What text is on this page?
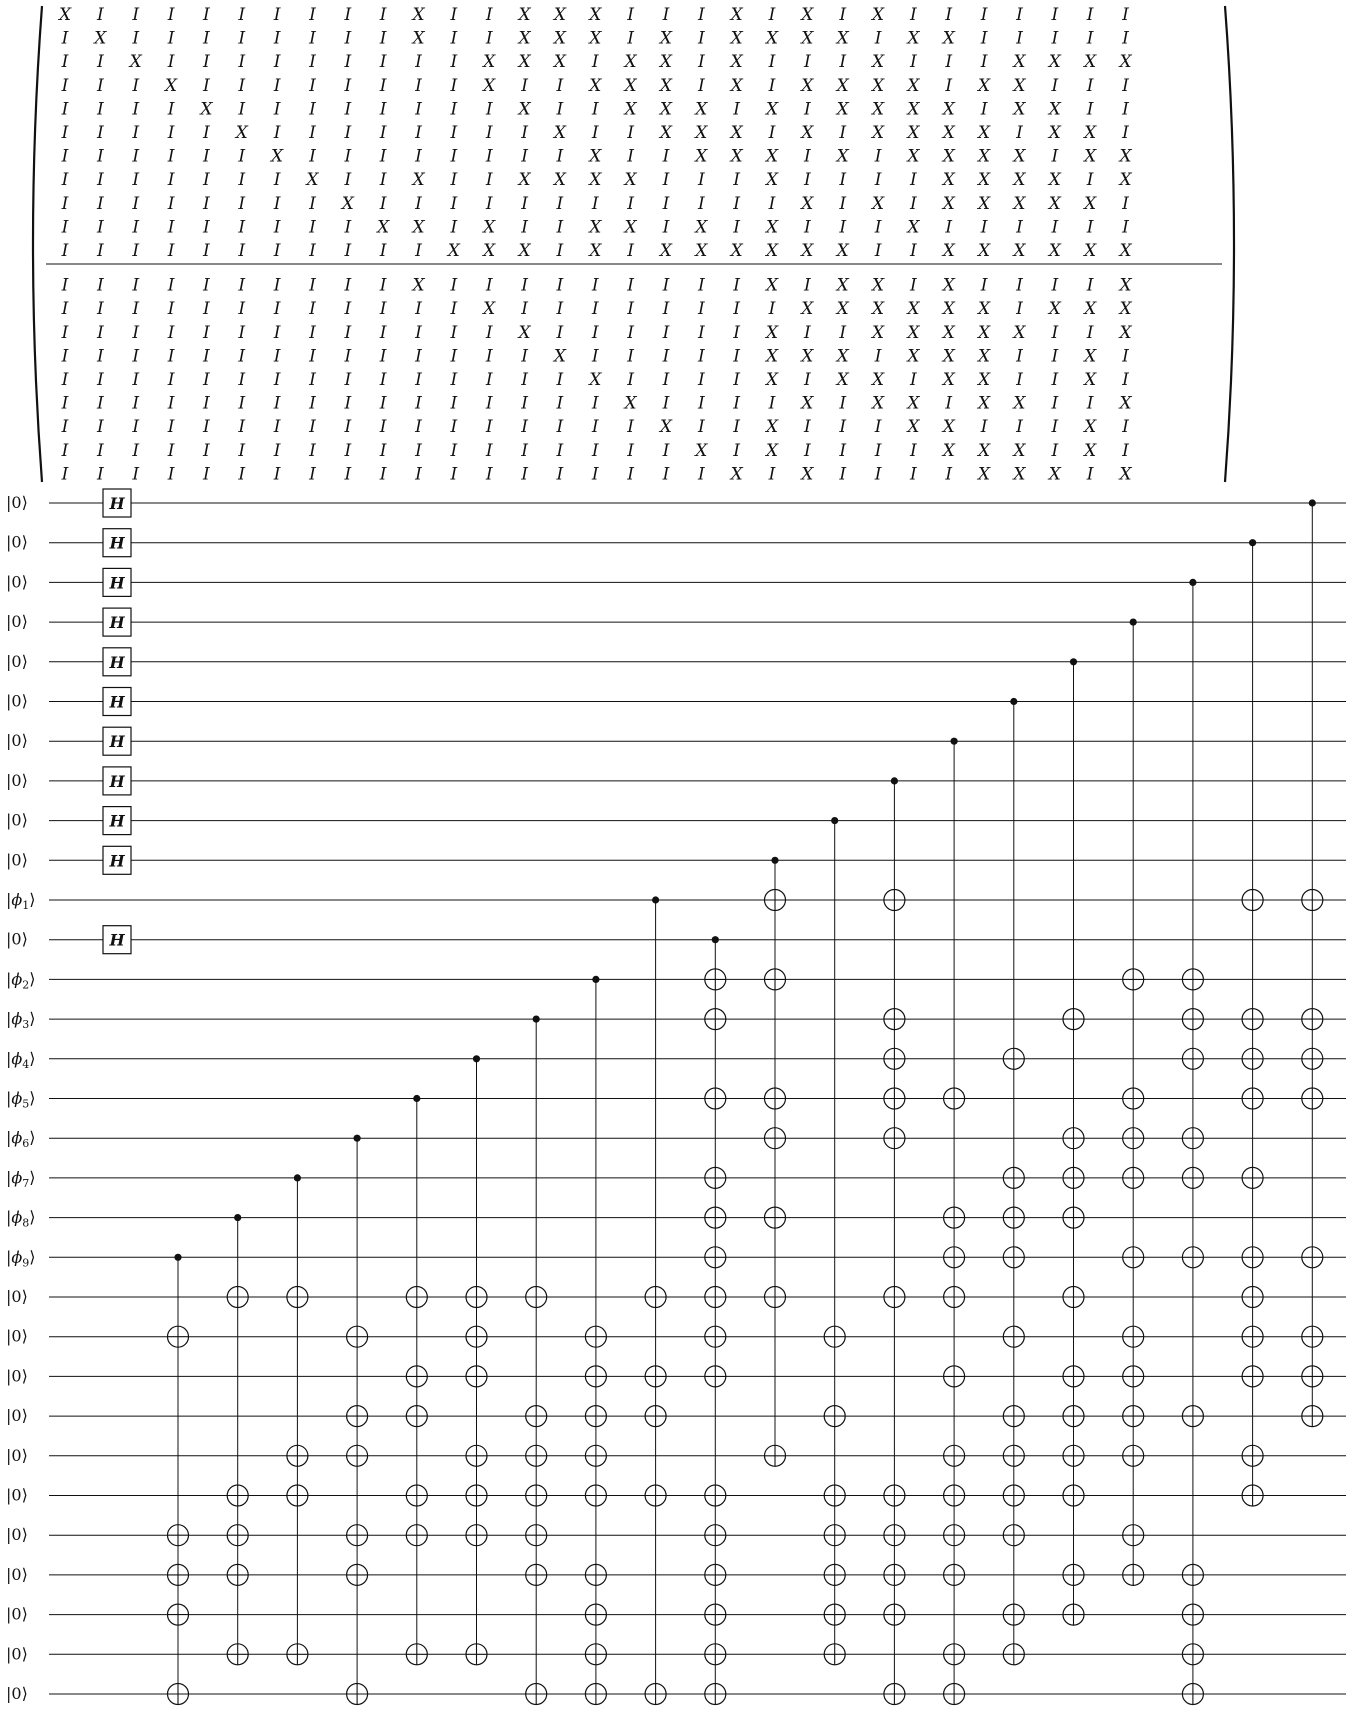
X I I I I I I I I I X I I X X X I I I X I X I X I I I I I I I
I X I I I I I I I I X I I X X X I X I X X X X I X X I I I I I
I I X I I I I I I I I I X X X I X X I X I I I X I I I X X X X
I I I X I I I I I I I I X I I X X X I X I X X X X I X X I I I
I I I I X I I I I I I I I X I I X X X I X I X X X X I X X I I
I I I I I X I I I I I I I I X I I X X X I X I X X X X I X X I
I I I I I I X I I I I I I I I X I I X X X I X I X X X X I X X
I I I I I I I X I I X I I X X X X I I I X I I I I X X X X I X
I I I I I I I I X I I I I I I I I I I I I X I X I X X X X X I
I I I I I I I I I X X I X I I X X I X I X I I I X I I I I I I
I I I I I I I I I I I X X X I X I X X X X X X I I X X X X X X
I I I I I I I I I I X I I I I I I I I I X I X X I X I I I I X
I I I I I I I I I I I I X I I I I I I I I X X X X X X I X X X
I I I I I I I I I I I I I X I I I I I I X I I X X X X X I I X
I I I I I I I I I I I I I I X I I I I I X X X I X X X I I X I
I I I I I I I I I I I I I I I X I I I I X I X X I X X I I X I
I I I I I I I I I I I I I I I I X I I I I X I X X I X X I I X
I I I I I I I I I I I I I I I I I X I I X I I I X X I I I X I
I I I I I I I I I I I I I I I I I I X I X I I I I X X X I X I
I I I I I I I I I I I I I I I I I I I X I X I I I I X X X I X
|0⟩
|0⟩
|0⟩
|0⟩
|0⟩
|0⟩
|0⟩
|0⟩
|0⟩
|0⟩
$|\phi_1⟩$
|0⟩
$|\phi_2⟩$
$|\phi_3⟩$
$|\phi_4⟩$
$|\phi_5⟩$
$|\phi_6⟩$
$|\phi_7⟩$
$|\phi_8⟩$
$|\phi_9⟩$
|0⟩
|0⟩
|0⟩
|0⟩
|0⟩
|0⟩
|0⟩
|0⟩
|0⟩
|0⟩
|0⟩
H
H
H
H
H
H
H
H
H
H
H
